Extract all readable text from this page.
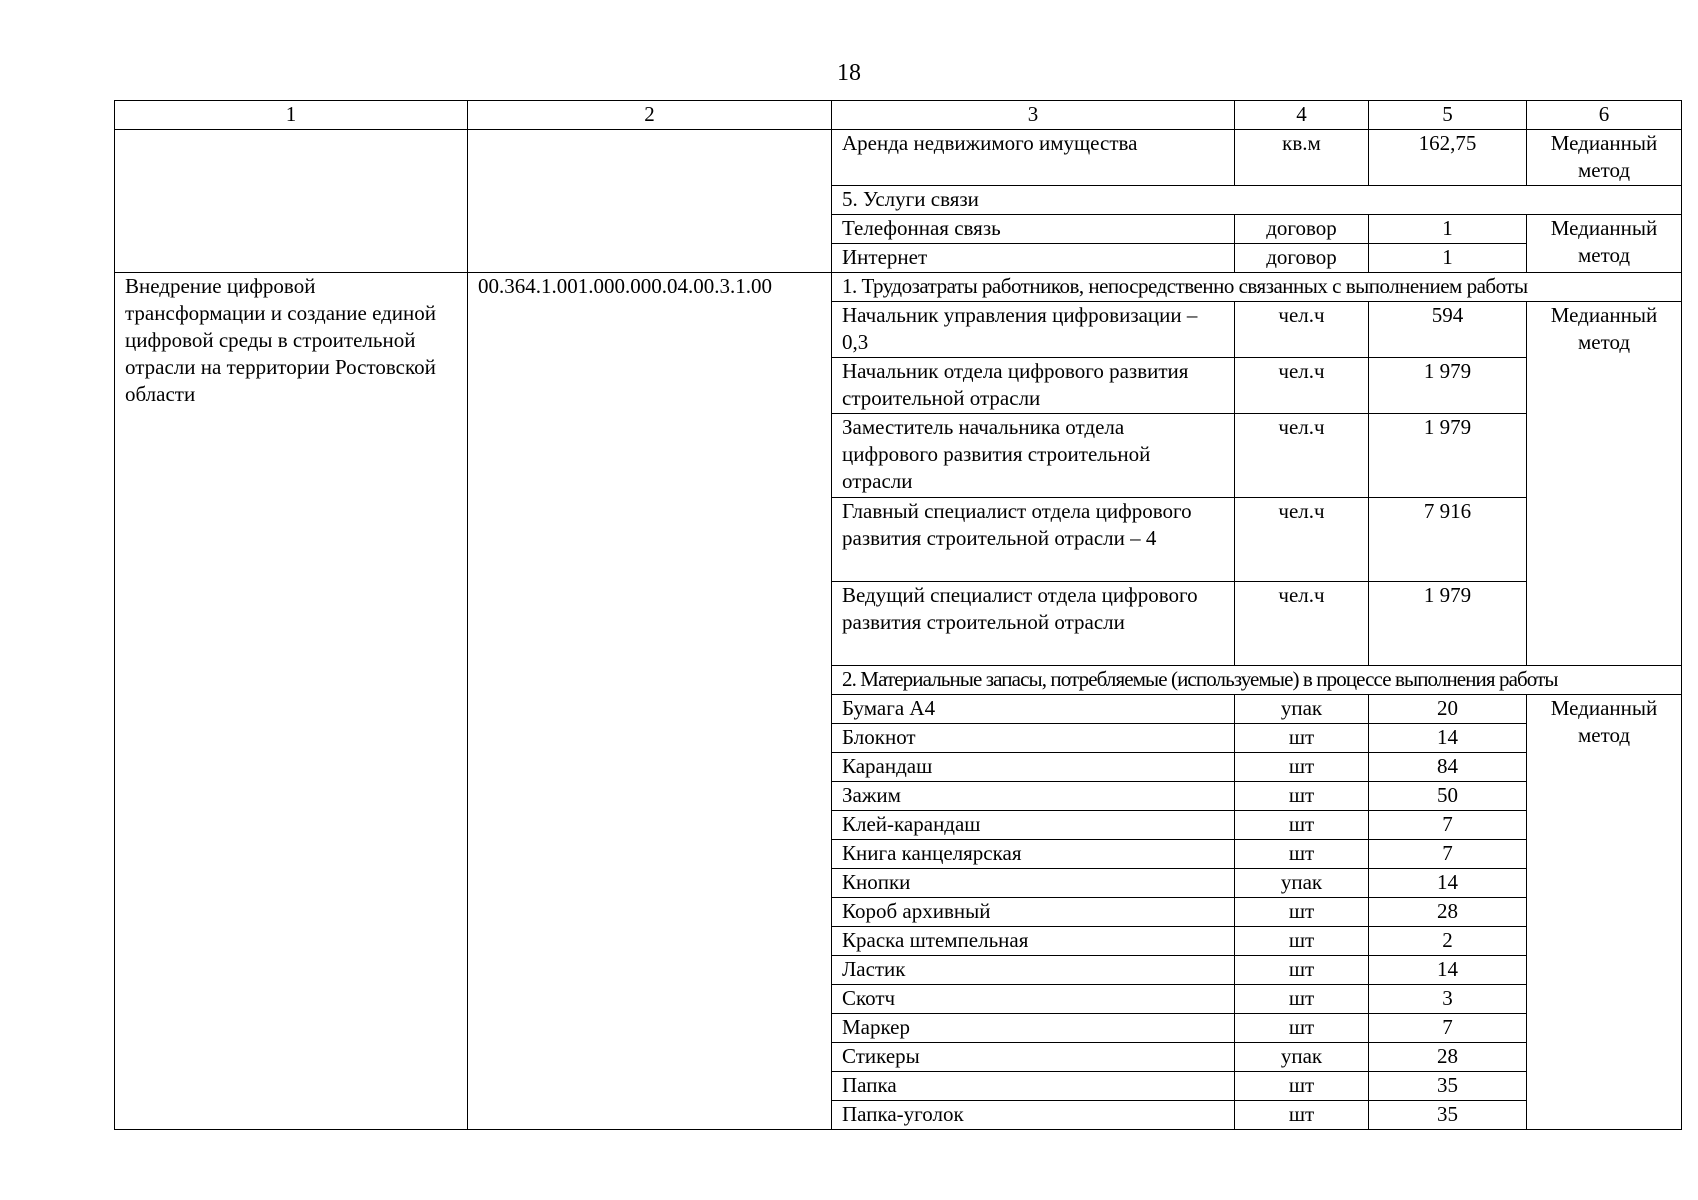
18
1	2	3	4	5	6
		Аренда недвижимого имущества	кв.м	162,75	Медианный метод
		5. Услуги связи			
		Телефонная связь	договор	1	Медианный метод
		Интернет	договор	1	
Внедрение цифровой трансформации и создание единой цифровой среды в строительной отрасли на территории Ростовской области	00.364.1.001.000.000.04.00.3.1.00	1. Трудозатраты работников, непосредственно связанных с выполнением работы			
		Начальник управления цифровизации – 0,3	чел.ч	594	Медианный метод
		Начальник отдела цифрового развития строительной отрасли	чел.ч	1 979	
		Заместитель начальника отдела цифрового развития строительной отрасли	чел.ч	1 979	
		Главный специалист отдела цифрового развития строительной отрасли – 4	чел.ч	7 916	
		Ведущий специалист отдела цифрового развития строительной отрасли	чел.ч	1 979	
		2. Материальные запасы, потребляемые (используемые) в процессе выполнения работы			
		Бумага А4	упак	20	Медианный метод
		Блокнот	шт	14	
		Карандаш	шт	84	
		Зажим	шт	50	
		Клей-карандаш	шт	7	
		Книга канцелярская	шт	7	
		Кнопки	упак	14	
		Короб архивный	шт	28	
		Краска штемпельная	шт	2	
		Ластик	шт	14	
		Скотч	шт	3	
		Маркер	шт	7	
		Стикеры	упак	28	
		Папка	шт	35	
		Папка-уголок	шт	35	
